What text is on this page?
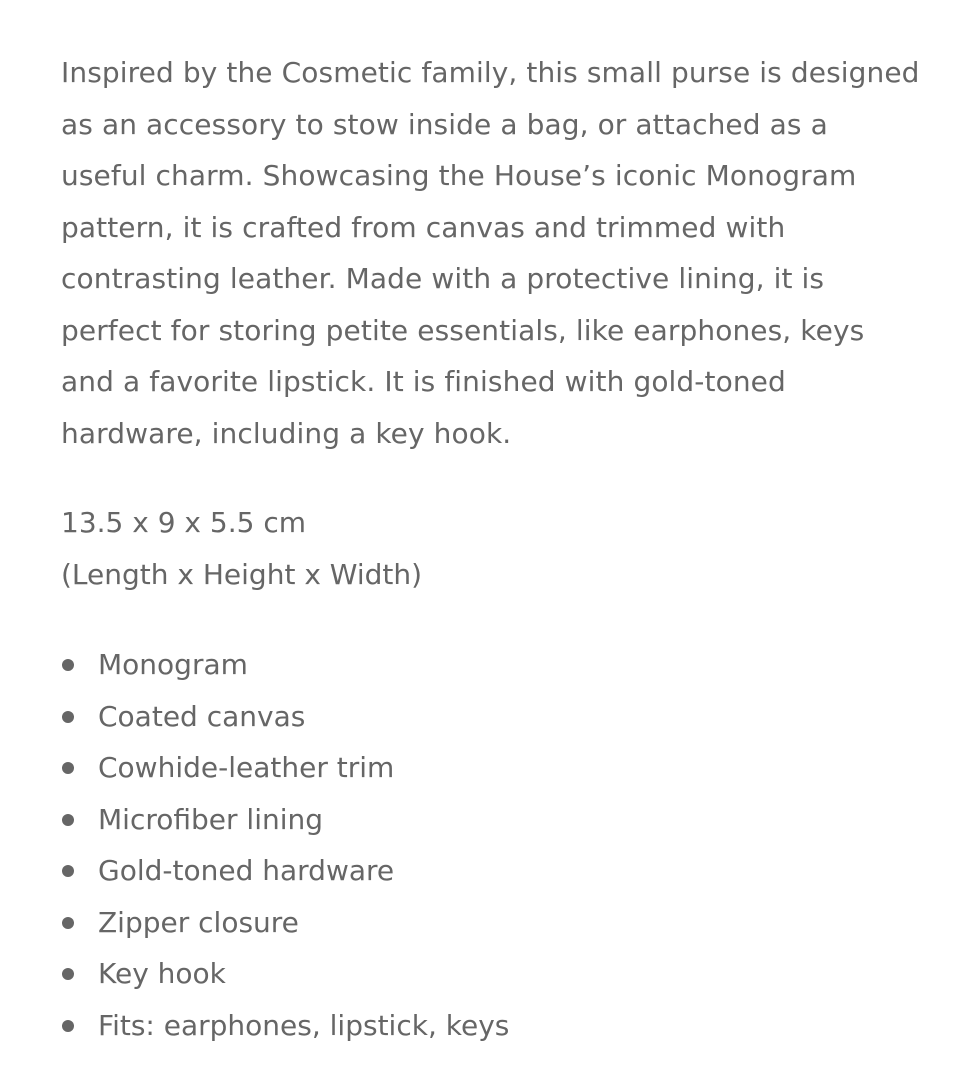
Inspired by the Cosmetic family, this small purse is designed
as an accessory to stow inside a bag, or attached as a
useful charm. Showcasing the House’s iconic Monogram
pattern, it is crafted from canvas and trimmed with
contrasting leather. Made with a protective lining, it is
perfect for storing petite essentials, like earphones, keys
and a favorite lipstick. It is finished with gold-toned
hardware, including a key hook.

13.5 x 9 x 5.5 cm
(Length x Height x Width)

Monogram
Coated canvas
Cowhide-leather trim
Microfiber lining
Gold-toned hardware
Zipper closure
Key hook
Fits: earphones, lipstick, keys
